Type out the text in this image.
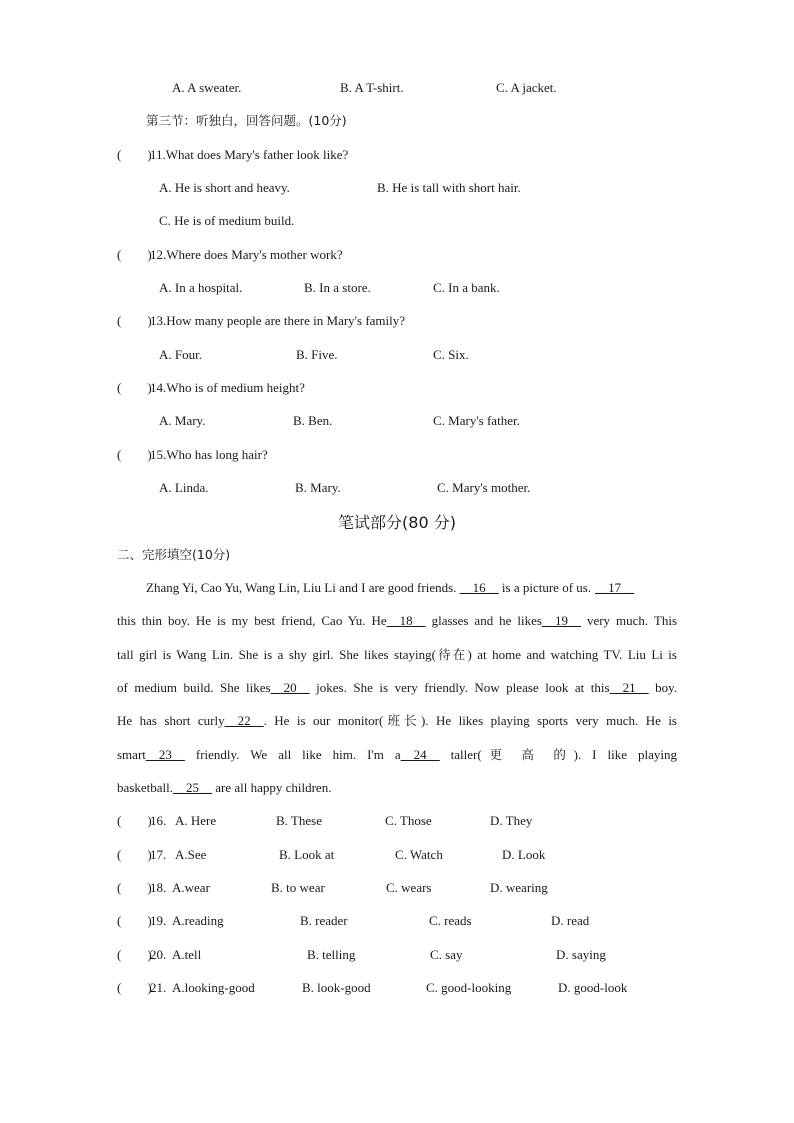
A. A sweater.	B. A T-shirt.	C. A jacket.
第三节：听独白，回答问题。(10分)
(　　)
11.What does Mary's father look like?
A. He is short and heavy.	B. He is tall with short hair.
C. He is of medium build.
(　　)
12.Where does Mary's mother work?
A. In a hospital.	B. In a store.	C. In a bank.
(　　)
13.How many people are there in Mary's family?
A. Four.	B. Five.	C. Six.
(　　)
14.Who is of medium height?
A. Mary.	B. Ben.	C. Mary's father.
(　　)
15.Who has long hair?
A. Linda.	B. Mary.	C. Mary's mother.
笔试部分(80 分)
二、完形填空(10分)
Zhang Yi, Cao Yu, Wang Lin, Liu Li and I are good friends. __16__ is a picture of us. __17__
this thin boy. He is my best friend, Cao Yu. He__18__ glasses and he likes__19__ very much. This
tall girl is Wang Lin. She is a shy girl. She likes staying(待在) at home and watching TV. Liu Li is
of medium build. She likes__20__ jokes. She is very friendly. Now please look at this__21__ boy.
He has short curly__22__. He is our monitor(班长). He likes playing sports very much. He is
smart__23__ friendly. We all like him. I'm a__24__ taller(更 高 的). I like playing
basketball.__25__ are all happy children.
(　　)
16. A. Here	B. These	C. Those	D. They
(　　)
17. A.See	B. Look at	C. Watch	D. Look
(　　)
18. A.wear	B. to wear	C. wears	D. wearing
(　　)
19. A.reading	B. reader	C. reads	D. read
(　　)
20. A.tell	B. telling	C. say	D. saying
(　　)
21. A.looking-good	B. look-good	C. good-looking	D. good-look
